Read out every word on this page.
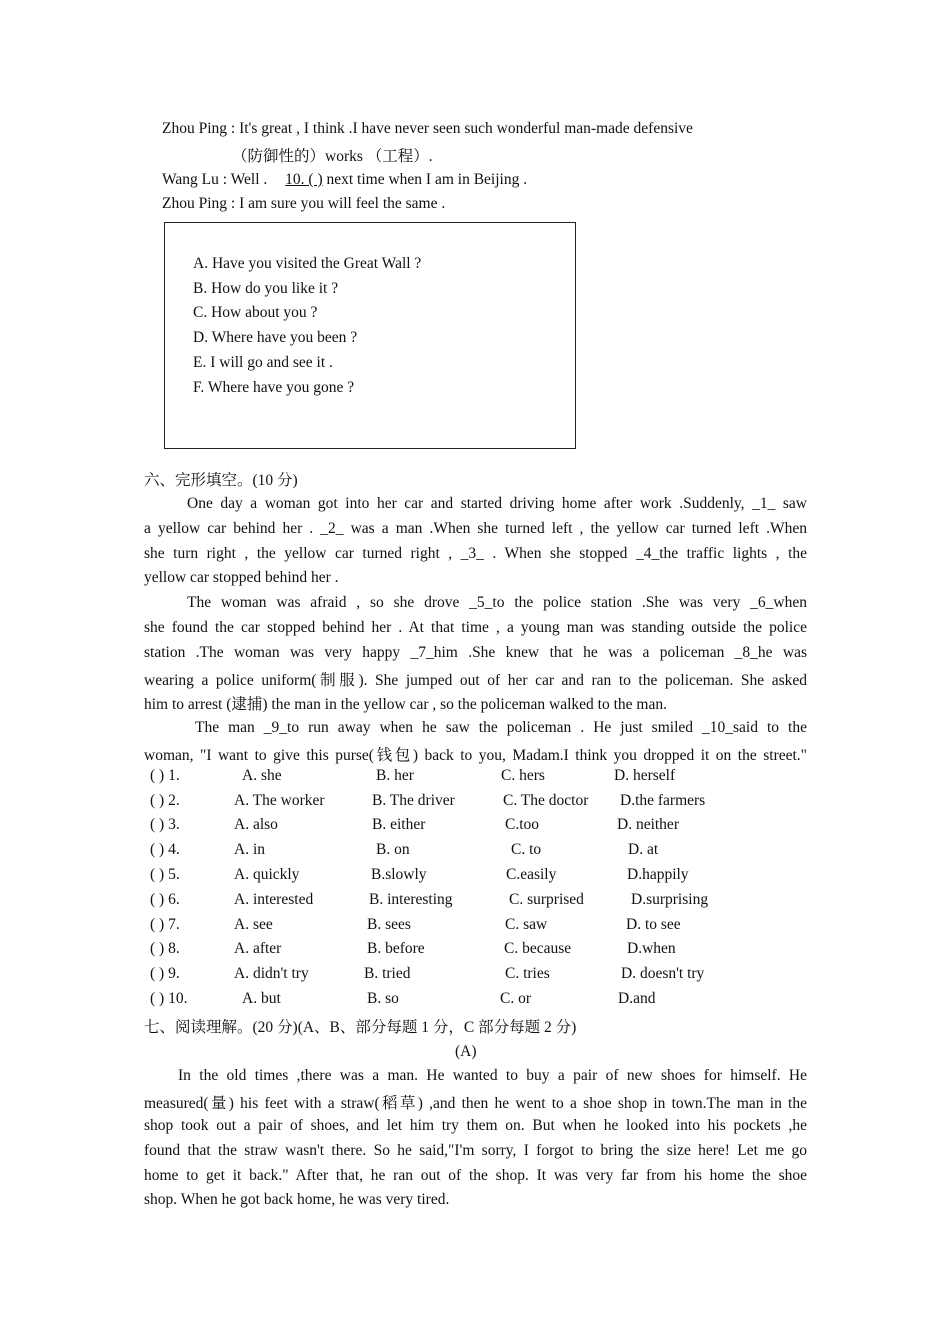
Zhou Ping : It's great , I think .I have never seen such wonderful man-made defensive
（防御性的）works （工程）.
Wang Lu : Well . 10. ( ) next time when I am in Beijing .
Zhou Ping : I am sure you will feel the same .
A. Have you visited the Great Wall ?
B. How do you like it ?
C. How about you ?
D. Where have you been ?
E. I will go and see it .
F. Where have you gone ?
六、完形填空。(10 分)
One day a woman got into her car and started driving home after work .Suddenly, _1_ saw
a yellow car behind her . _2_ was a man .When she turned left , the yellow car turned left .When
she turn right , the yellow car turned right , _3_ . When she stopped _4_the traffic lights , the
yellow car stopped behind her .
The woman was afraid , so she drove _5_to the police station .She was very _6_when
she found the car stopped behind her . At that time , a young man was standing outside the police
station .The woman was very happy _7_him .She knew that he was a policeman _8_he was
wearing a police uniform(制服). She jumped out of her car and ran to the policeman. She asked
him to arrest (逮捕) the man in the yellow car , so the policeman walked to the man.
The man _9_to run away when he saw the policeman . He just smiled _10_said to the
woman, "I want to give this purse(钱包) back to you, Madam.I think you dropped it on the street."
( ) 1.	A. she	B. her	C. hers	D. herself
( ) 2.	A. The worker	B. The driver	C. The doctor D.the farmers
( ) 3.	A. also	B. either	C.too	D. neither
( ) 4.	A. in	B. on	C. to	D. at
( ) 5.	A. quickly	B.slowly	C.easily	D.happily
( ) 6.	A. interested	B. interesting	C. surprised	D.surprising
( ) 7.	A. see	B. sees	C. saw	D. to see
( ) 8.	A. after	B. before	C. because	D.when
( ) 9.	A. didn't try	B. tried	C. tries	D. doesn't try
( ) 10.	A. but	B. so	C. or	D.and
七、阅读理解。(20 分)(A、B、部分每题 1 分，C 部分每题 2 分)
(A)
In the old times ,there was a man. He wanted to buy a pair of new shoes for himself. He
measured(量) his feet with a straw(稻草) ,and then he went to a shoe shop in town.The man in the
shop took out a pair of shoes, and let him try them on. But when he looked into his pockets ,he
found that the straw wasn't there. So he said,"I'm sorry, I forgot to bring the size here! Let me go
home to get it back." After that, he ran out of the shop. It was very far from his home the shoe
shop. When he got back home, he was very tired.
